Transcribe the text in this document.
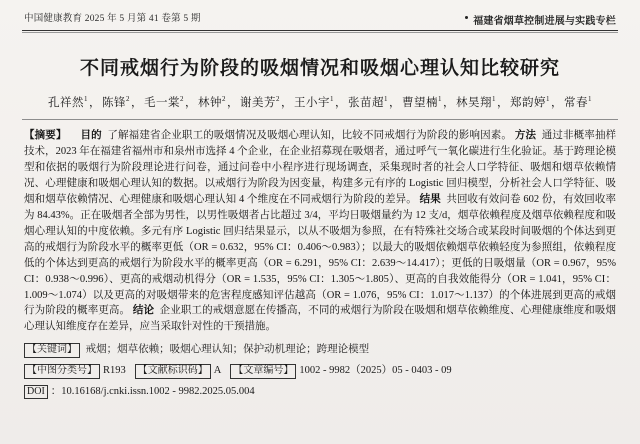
中国健康教育 2025 年 5 月第 41 卷第 5 期	福建省烟草控制进展与实践专栏
不同戒烟行为阶段的吸烟情况和吸烟心理认知比较研究
孔祥然$^1$，陈锋$^2$，毛一棠$^2$，林钟$^2$，谢美芳$^2$，王小宇$^1$，张苗超$^1$，曹望楠$^1$，林昊翔$^1$，郑韵婷$^1$，常春$^1$
【摘要】 目的 了解福建省企业职工的吸烟情况及吸烟心理认知，比较不同戒烟行为阶段的影响因素。 方法 通过非概率抽样技术，2023 年在福建省福州市和泉州市选择 4 个企业，在企业招募现在吸烟者，通过呼气一氧化碳进行生化验证。基于跨理论模型和依据的吸烟行为阶段理论进行问卷，通过问卷中小程序进行现场调查，采集现时者的社会人口学特征、吸烟和烟草依赖情况、心理健康和吸烟心理认知的数据。以戒烟行为阶段为因变量，构建多元有序的 Logistic 回归模型，分析社会人口学特征、吸烟和烟草依赖情况、心理健康和吸烟心理认知 4 个维度在不同戒烟行为阶段的差异。 结果 共回收有效问卷 602 份，有效回收率为 84.43%。正在吸烟者全部为男性，以男性吸烟者占比超过 3/4，平均日吸烟量约为 12 支/d，烟草依赖程度及烟草依赖程度和吸烟心理认知的中度依赖。多元有序 Logistic 回归结果显示，以从不吸烟为参照，在有特殊社交场合或某段时间吸烟的个体达到更高的戒烟行为阶段水平的概率更低（OR = 0.632，95% CI：0.406～0.983）；以最大的吸烟依赖烟草依赖轻度为参照组，依赖程度低的个体达到更高的戒烟行为阶段水平的概率更高（OR = 6.291，95% CI：2.639～14.417）；更低的日吸烟量（OR = 0.967，95% CI：0.938～0.996）、更高的戒烟动机得分（OR = 1.535，95% CI：1.305～1.805）、更高的自我效能得分（OR = 1.041，95% CI：1.009～1.074）以及更高的对吸烟带来的危害程度感知评估越高（OR = 1.076，95% CI：1.017～1.137）的个体进展到更高的戒烟行为阶段的概率更高。 结论 企业职工的戒烟意愿在传播高，不同的戒烟行为阶段在吸烟和烟草依赖维度、心理健康维度和吸烟心理认知维度存在差异，应当采取针对性的干预措施。
【关键词】 戒烟；烟草依赖；吸烟心理认知；保护动机理论；跨理论模型
【中图分类号】 R193	【文献标识码】 A	【文章编号】 1002 - 9982（2025）05 - 0403 - 09
DOI ：10.16168/j.cnki.issn.1002 - 9982.2025.05.004
